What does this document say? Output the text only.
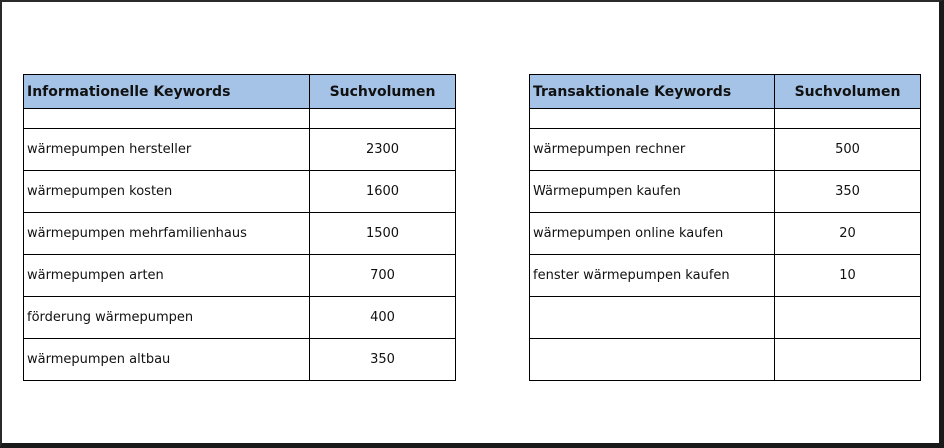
Informationelle Keywords	Suchvolumen

wärmepumpen hersteller	2300
wärmepumpen kosten	1600
wärmepumpen mehrfamilienhaus	1500
wärmepumpen arten	700
förderung wärmepumpen	400
wärmepumpen altbau	350
Transaktionale Keywords	Suchvolumen

wärmepumpen rechner	500
Wärmepumpen kaufen	350
wärmepumpen online kaufen	20
fenster wärmepumpen kaufen	10
